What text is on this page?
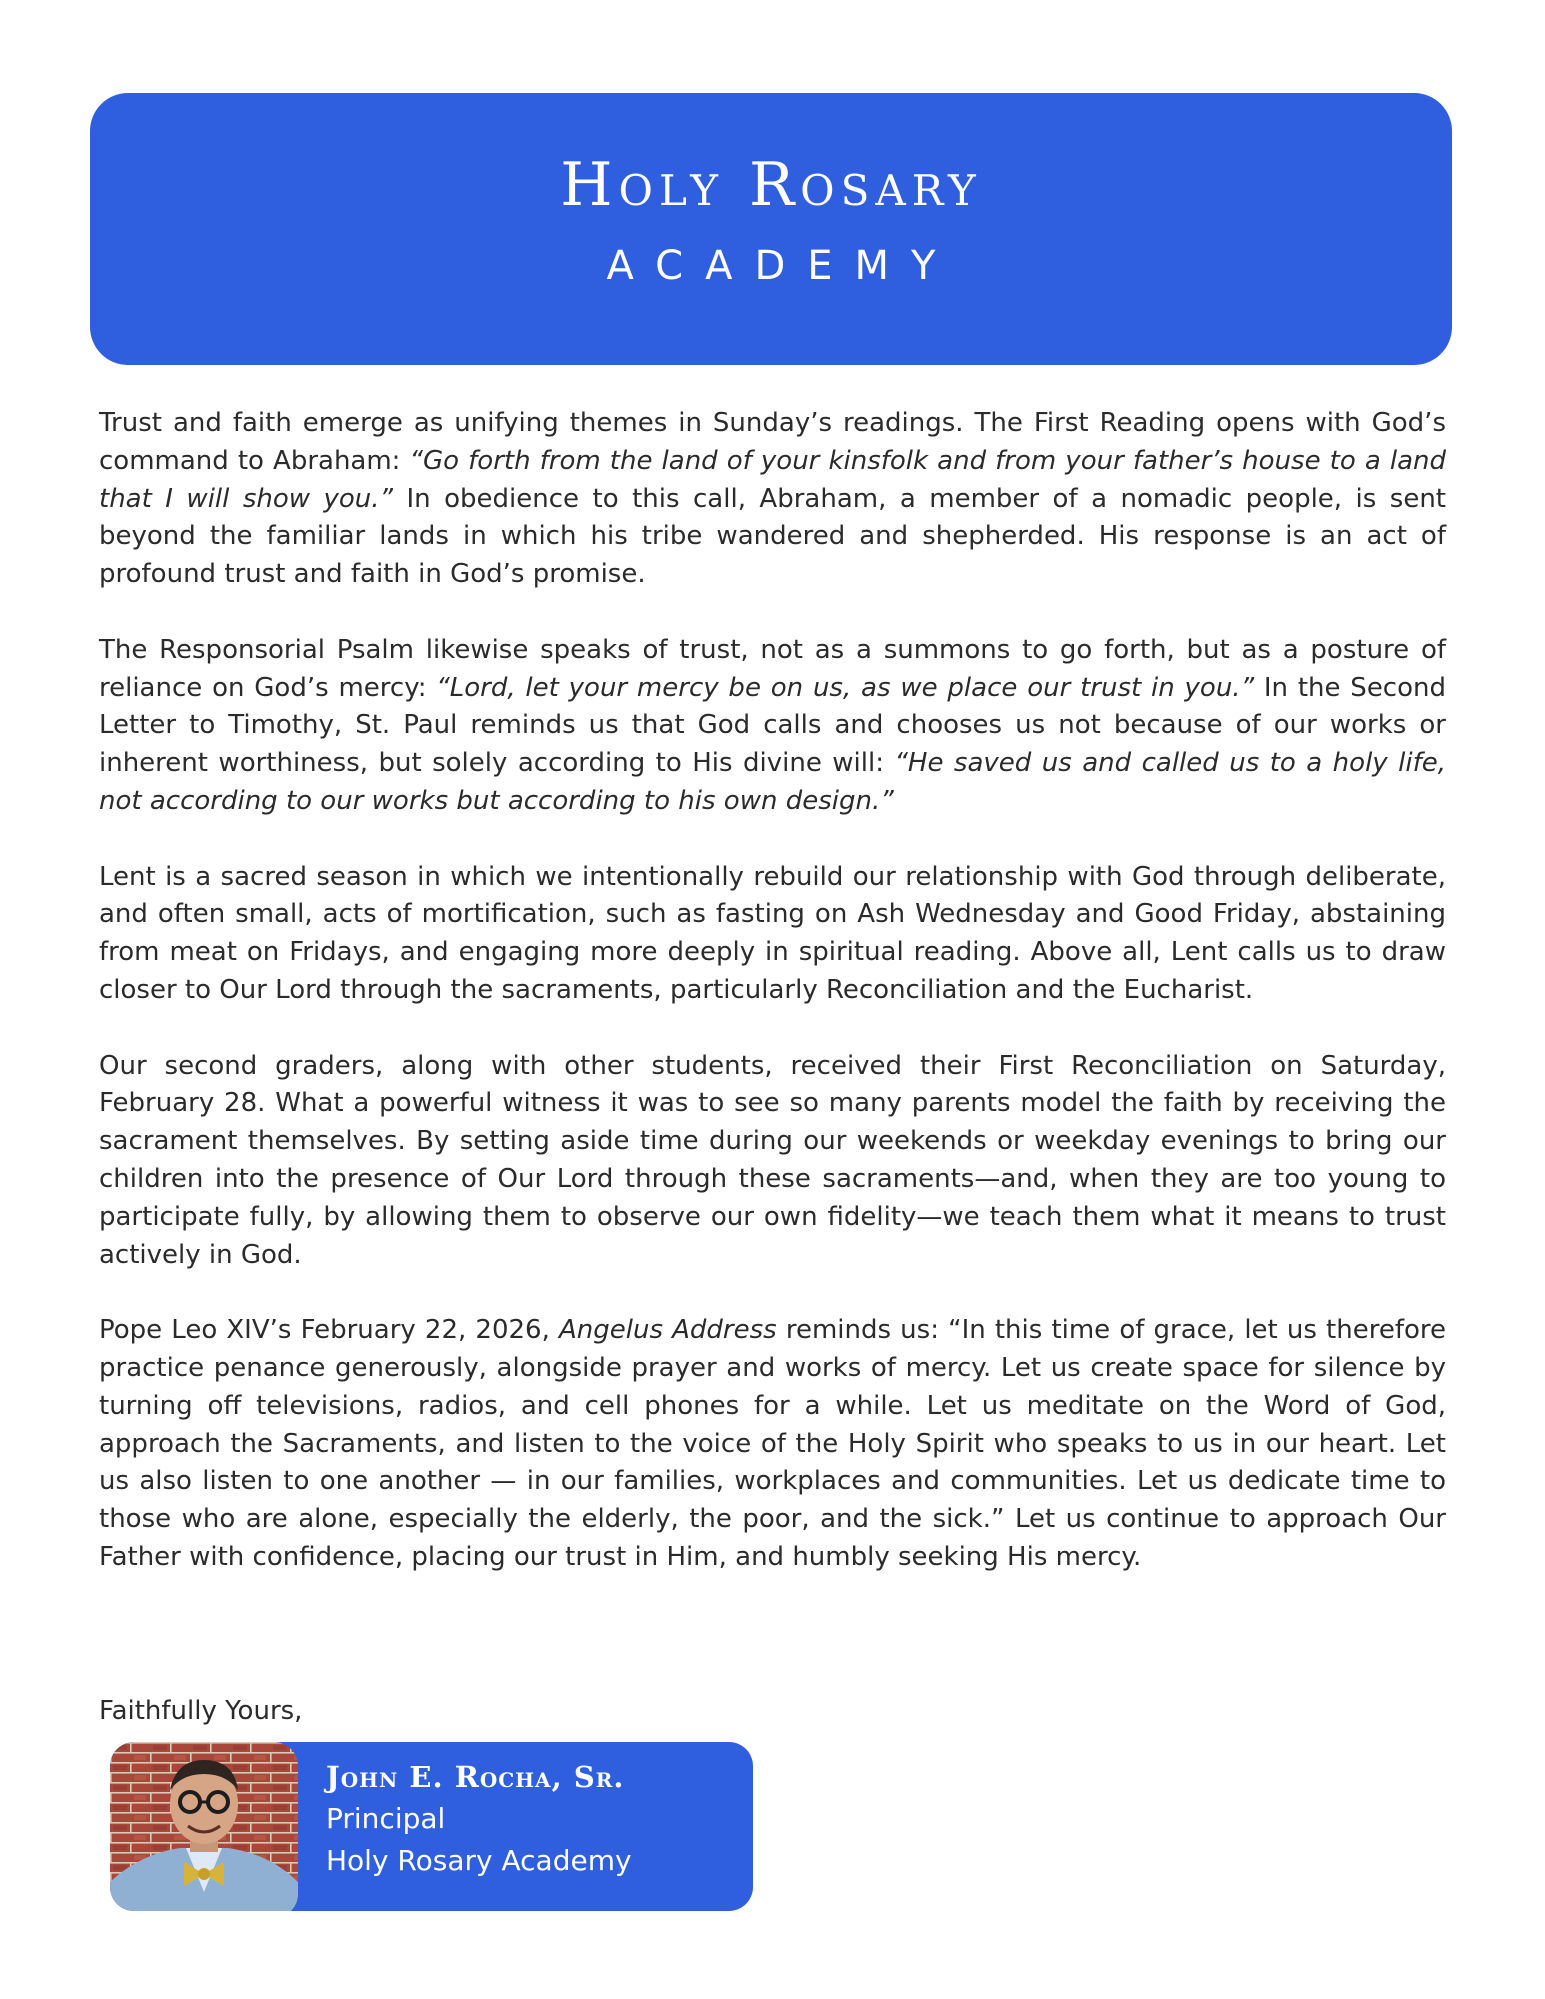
Holy Rosary
ACADEMY

Trust and faith emerge as unifying themes in Sunday’s readings. The First Reading opens with God’s command to Abraham: “Go forth from the land of your kinsfolk and from your father’s house to a land that I will show you.” In obedience to this call, Abraham, a member of a nomadic people, is sent beyond the familiar lands in which his tribe wandered and shepherded. His response is an act of profound trust and faith in God’s promise.

The Responsorial Psalm likewise speaks of trust, not as a summons to go forth, but as a posture of reliance on God’s mercy: “Lord, let your mercy be on us, as we place our trust in you.” In the Second Letter to Timothy, St. Paul reminds us that God calls and chooses us not because of our works or inherent worthiness, but solely according to His divine will: “He saved us and called us to a holy life, not according to our works but according to his own design.”

Lent is a sacred season in which we intentionally rebuild our relationship with God through deliberate, and often small, acts of mortification, such as fasting on Ash Wednesday and Good Friday, abstaining from meat on Fridays, and engaging more deeply in spiritual reading. Above all, Lent calls us to draw closer to Our Lord through the sacraments, particularly Reconciliation and the Eucharist.

Our second graders, along with other students, received their First Reconciliation on Saturday, February 28. What a powerful witness it was to see so many parents model the faith by receiving the sacrament themselves. By setting aside time during our weekends or weekday evenings to bring our children into the presence of Our Lord through these sacraments—and, when they are too young to participate fully, by allowing them to observe our own fidelity—we teach them what it means to trust actively in God.

Pope Leo XIV’s February 22, 2026, Angelus Address reminds us: “In this time of grace, let us therefore practice penance generously, alongside prayer and works of mercy. Let us create space for silence by turning off televisions, radios, and cell phones for a while. Let us meditate on the Word of God, approach the Sacraments, and listen to the voice of the Holy Spirit who speaks to us in our heart. Let us also listen to one another — in our families, workplaces and communities. Let us dedicate time to those who are alone, especially the elderly, the poor, and the sick.” Let us continue to approach Our Father with confidence, placing our trust in Him, and humbly seeking His mercy.

Faithfully Yours,
John E. Rocha, Sr.
Principal
Holy Rosary Academy
